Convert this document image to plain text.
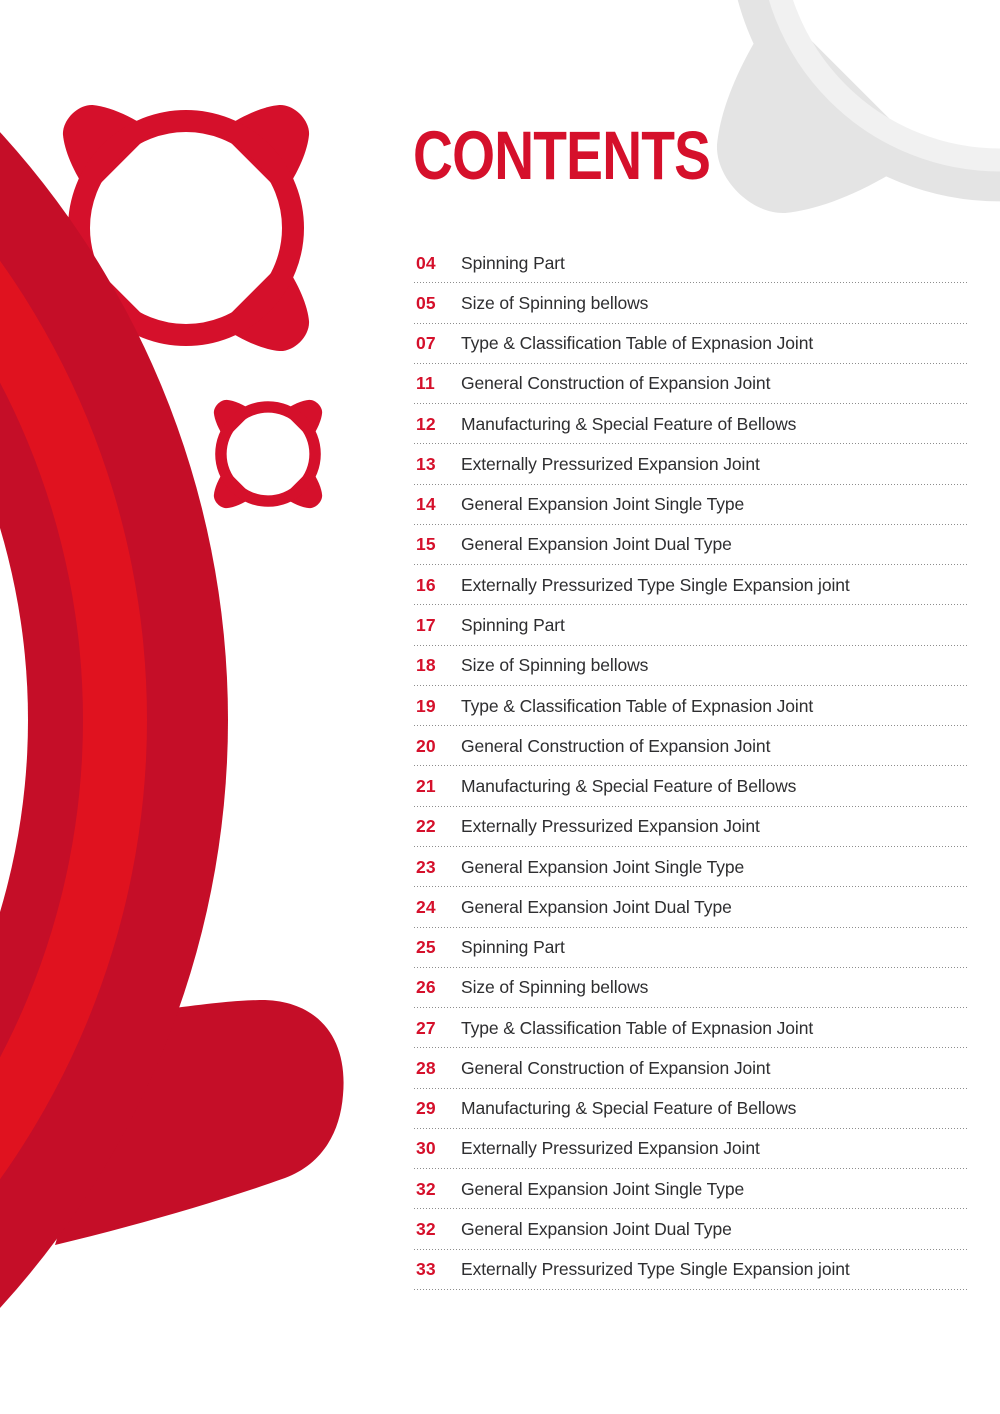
CONTENTS
04	Spinning Part
05	Size of Spinning bellows
07	Type & Classification Table of Expnasion Joint
11	General Construction of Expansion Joint
12	Manufacturing & Special Feature of Bellows
13	Externally Pressurized Expansion Joint
14	General Expansion Joint Single Type
15	General Expansion Joint Dual Type
16	Externally Pressurized Type Single Expansion joint
17	Spinning Part
18	Size of Spinning bellows
19	Type & Classification Table of Expnasion Joint
20	General Construction of Expansion Joint
21	Manufacturing & Special Feature of Bellows
22	Externally Pressurized Expansion Joint
23	General Expansion Joint Single Type
24	General Expansion Joint Dual Type
25	Spinning Part
26	Size of Spinning bellows
27	Type & Classification Table of Expnasion Joint
28	General Construction of Expansion Joint
29	Manufacturing & Special Feature of Bellows
30	Externally Pressurized Expansion Joint
32	General Expansion Joint Single Type
32	General Expansion Joint Dual Type
33	Externally Pressurized Type Single Expansion joint
